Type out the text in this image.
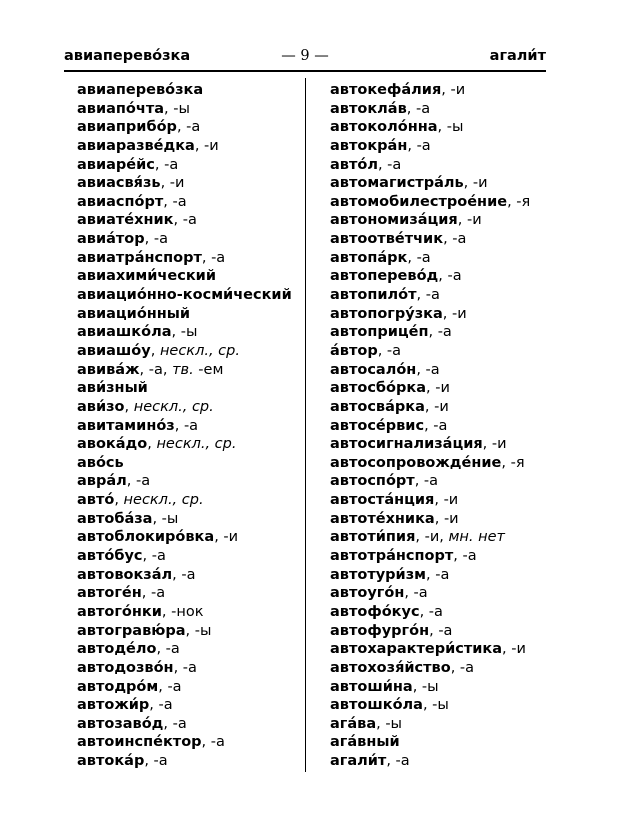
авиаперево́зка	— 9 —	агали́т
авиаперево́зка
авиапо́чта, -ы
авиаприбо́р, -а
авиаразве́дка, -и
авиаре́йс, -а
авиасвя́зь, -и
авиаспо́рт, -а
авиате́хник, -а
авиа́тор, -а
авиатра́нспорт, -а
авиахими́ческий
авиацио́нно-косми́ческий
авиацио́нный
авиашко́ла, -ы
авиашо́у, нескл., ср.
авива́ж, -а, тв. -ем
ави́зный
ави́зо, нескл., ср.
авитамино́з, -а
авока́до, нескл., ср.
аво́сь
авра́л, -а
авто́, нескл., ср.
автоба́за, -ы
автоблокиро́вка, -и
авто́бус, -а
автовокза́л, -а
автоге́н, -а
автого́нки, -нок
автогравю́ра, -ы
автоде́ло, -а
автодозво́н, -а
автодро́м, -а
автожи́р, -а
автозаво́д, -а
автоинспе́ктор, -а
автока́р, -а
автокефа́лия, -и
автокла́в, -а
автоколо́нна, -ы
автокра́н, -а
авто́л, -а
автомагистра́ль, -и
автомобилестрое́ние, -я
автономиза́ция, -и
автоотве́тчик, -а
автопа́рк, -а
автоперево́д, -а
автопило́т, -а
автопогру́зка, -и
автоприце́п, -а
а́втор, -а
автосало́н, -а
автосбо́рка, -и
автосва́рка, -и
автосе́рвис, -а
автосигнализа́ция, -и
автосопровожде́ние, -я
автоспо́рт, -а
автоста́нция, -и
автоте́хника, -и
автоти́пия, -и, мн. нет
автотра́нспорт, -а
автотури́зм, -а
автоуго́н, -а
автофо́кус, -а
автофурго́н, -а
автохарактери́стика, -и
автохозя́йство, -а
автоши́на, -ы
автошко́ла, -ы
ага́ва, -ы
ага́вный
агали́т, -а
